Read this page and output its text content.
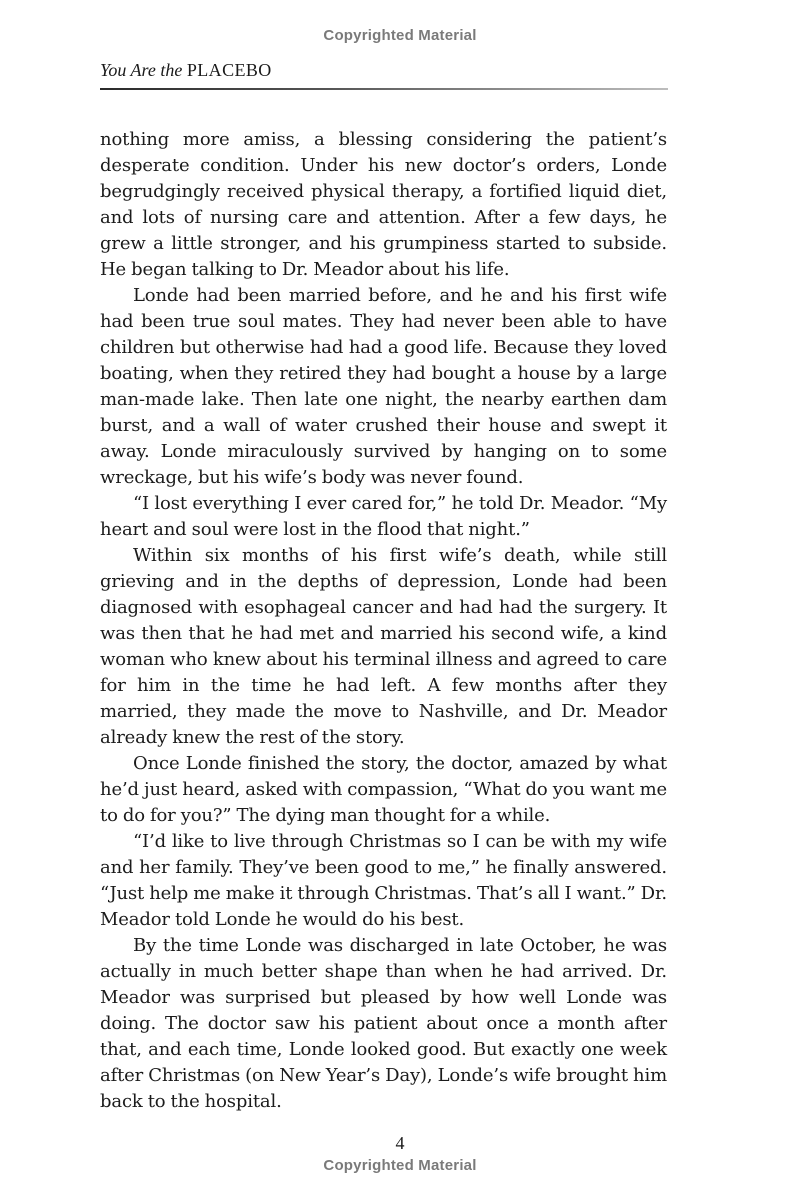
Copyrighted Material
You Are the PLACEBO

nothing more amiss, a blessing considering the patient’s desperate condition. Under his new doctor’s orders, Londe begrudgingly received physical therapy, a fortified liquid diet, and lots of nursing care and attention. After a few days, he grew a little stronger, and his grumpiness started to subside. He began talking to Dr. Meador about his life.

Londe had been married before, and he and his first wife had been true soul mates. They had never been able to have children but otherwise had had a good life. Because they loved boating, when they retired they had bought a house by a large man-made lake. Then late one night, the nearby earthen dam burst, and a wall of water crushed their house and swept it away. Londe miraculously survived by hanging on to some wreckage, but his wife’s body was never found.

“I lost everything I ever cared for,” he told Dr. Meador. “My heart and soul were lost in the flood that night.”

Within six months of his first wife’s death, while still grieving and in the depths of depression, Londe had been diagnosed with esophageal cancer and had had the surgery. It was then that he had met and married his second wife, a kind woman who knew about his terminal illness and agreed to care for him in the time he had left. A few months after they married, they made the move to Nashville, and Dr. Meador already knew the rest of the story.

Once Londe finished the story, the doctor, amazed by what he’d just heard, asked with compassion, “What do you want me to do for you?” The dying man thought for a while.

“I’d like to live through Christmas so I can be with my wife and her family. They’ve been good to me,” he finally answered. “Just help me make it through Christmas. That’s all I want.” Dr. Meador told Londe he would do his best.

By the time Londe was discharged in late October, he was actually in much better shape than when he had arrived. Dr. Meador was surprised but pleased by how well Londe was doing. The doctor saw his patient about once a month after that, and each time, Londe looked good. But exactly one week after Christmas (on New Year’s Day), Londe’s wife brought him back to the hospital.

4
Copyrighted Material
